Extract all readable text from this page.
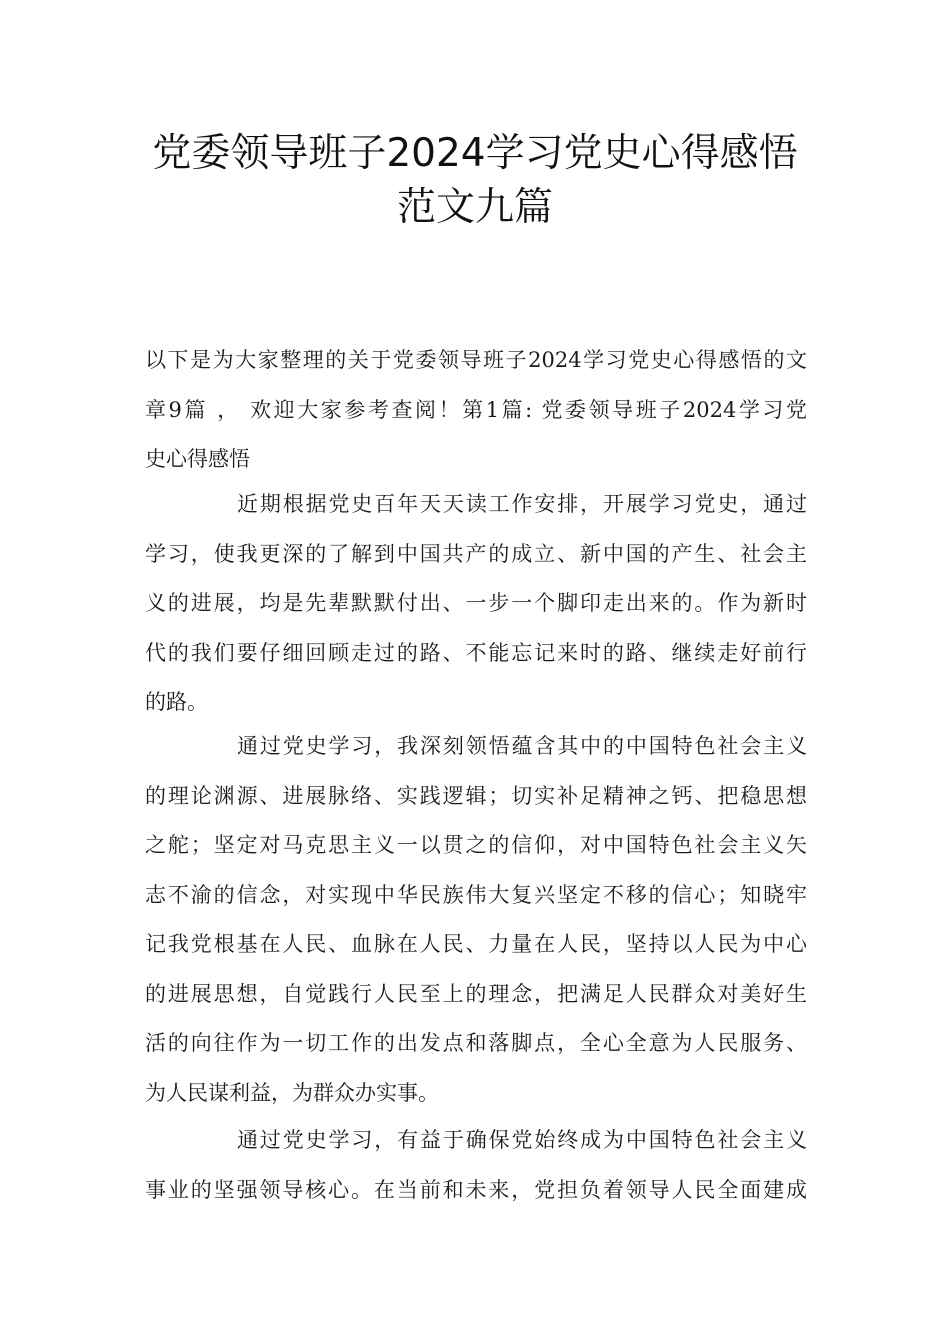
党委领导班子2024学习党史心得感悟
范文九篇
以下是为大家整理的关于党委领导班子2024学习党史心得感悟的文
章9篇 ， 欢迎大家参考查阅！第1篇: 党委领导班子2024学习党
史心得感悟
近期根据党史百年天天读工作安排，开展学习党史，通过
学习，使我更深的了解到中国共产的成立、新中国的产生、社会主
义的进展，均是先辈默默付出、一步一个脚印走出来的。作为新时
代的我们要仔细回顾走过的路、不能忘记来时的路、继续走好前行
的路。
通过党史学习，我深刻领悟蕴含其中的中国特色社会主义
的理论渊源、进展脉络、实践逻辑；切实补足精神之钙、把稳思想
之舵；坚定对马克思主义一以贯之的信仰，对中国特色社会主义矢
志不渝的信念，对实现中华民族伟大复兴坚定不移的信心；知晓牢
记我党根基在人民、血脉在人民、力量在人民，坚持以人民为中心
的进展思想，自觉践行人民至上的理念，把满足人民群众对美好生
活的向往作为一切工作的出发点和落脚点，全心全意为人民服务、
为人民谋利益，为群众办实事。
通过党史学习，有益于确保党始终成为中国特色社会主义
事业的坚强领导核心。在当前和未来，党担负着领导人民全面建成
